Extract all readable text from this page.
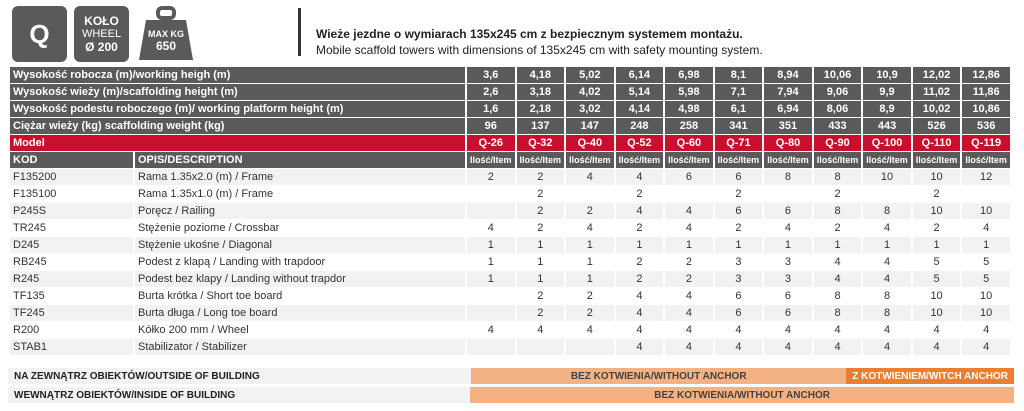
Q	KOŁO
WHEEL
Ø 200
MAX KG
650
Wieże jezdne o wymiarach 135x245 cm z bezpiecznym systemem montażu.
Mobile scaffold towers with dimensions of 135x245 cm with safety mounting system.
Wysokość robocza (m)/working heigh (m)		3,6	4,18	5,02	6,14	6,98	8,1	8,94	10,06	10,9	12,02	12,86
Wysokość wieży (m)/scaffolding height (m)		2,6	3,18	4,02	5,14	5,98	7,1	7,94	9,06	9,9	11,02	11,86
Wysokość podestu roboczego (m)/ working platform height (m)		1,6	2,18	3,02	4,14	4,98	6,1	6,94	8,06	8,9	10,02	10,86
Ciężar wieży (kg) scaffolding weight (kg)		96	137	147	248	258	341	351	433	443	526	536
Model		Q-26	Q-32	Q-40	Q-52	Q-60	Q-71	Q-80	Q-90	Q-100	Q-110	Q-119
KOD	OPIS/DESCRIPTION	Ilość/Item	Ilość/Item	Ilość/Item	Ilość/Item	Ilość/Item	Ilość/Item	Ilość/Item	Ilość/Item	Ilość/Item	Ilość/Item	Ilość/Item
F135200	Rama 1.35x2.0 (m) / Frame	2	2	4	4	6	6	8	8	10	10	12
F135100	Rama 1.35x1.0 (m) / Frame		2		2		2		2		2	
P245S	Poręcz / Railing		2	2	4	4	6	6	8	8	10	10
TR245	Stężenie poziome / Crossbar	4	2	4	2	4	2	4	2	4	2	4
D245	Stężenie ukośne / Diagonal	1	1	1	1	1	1	1	1	1	1	1
RB245	Podest z klapą / Landing with trapdoor	1	1	1	2	2	3	3	4	4	5	5
R245	Podest bez klapy / Landing without trapdor	1	1	1	2	2	3	3	4	4	5	5
TF135	Burta krótka / Short toe board		2	2	4	4	6	6	8	8	10	10
TF245	Burta długa / Long toe board		2	2	4	4	6	6	8	8	10	10
R200	Kółko 200 mm / Wheel	4	4	4	4	4	4	4	4	4	4	4
STAB1	Stabilizator / Stabilizer				4	4	4	4	4	4	4	4
NA ZEWNĄTRZ OBIEKTÓW/OUTSIDE OF BUILDING	BEZ KOTWIENIA/WITHOUT ANCHOR	Z KOTWIENIEM/WITCH ANCHOR
WEWNĄTRZ OBIEKTÓW/INSIDE OF BUILDING	BEZ KOTWIENIA/WITHOUT ANCHOR
